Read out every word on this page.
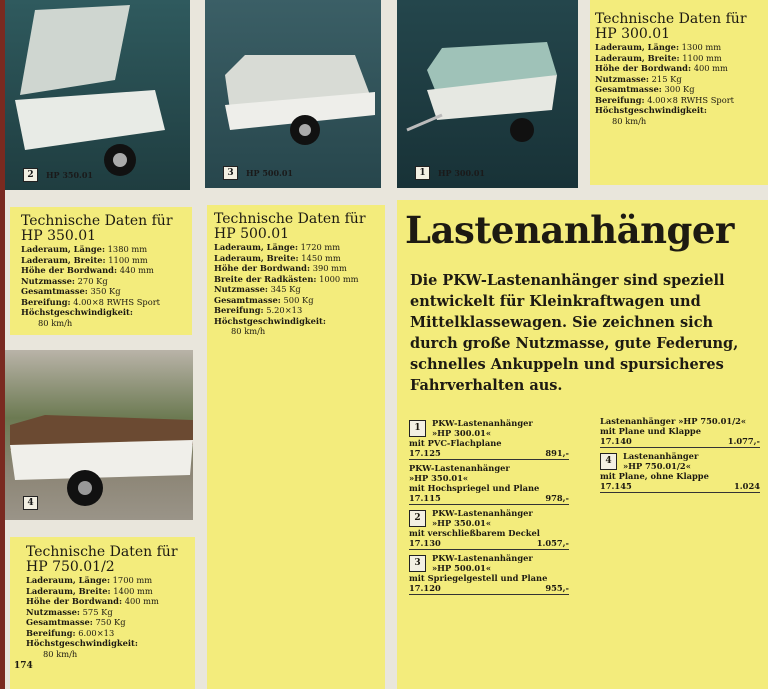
2	HP 350.01	3	HP 500.01	1	HP 300.01
4
Technische Daten für
HP 300.01
Laderaum, Länge: 1300 mm
Laderaum, Breite: 1100 mm
Höhe der Bordwand: 400 mm
Nutzmasse: 215 Kg
Gesamtmasse: 300 Kg
Bereifung: 4.00×8 RWHS Sport
Höchstgeschwindigkeit:
80 km/h
Technische Daten für
HP 350.01
Laderaum, Länge: 1380 mm
Laderaum, Breite: 1100 mm
Höhe der Bordwand: 440 mm
Nutzmasse: 270 Kg
Gesamtmasse: 350 Kg
Bereifung: 4.00×8 RWHS Sport
Höchstgeschwindigkeit:
80 km/h
Technische Daten für
HP 500.01
Laderaum, Länge: 1720 mm
Laderaum, Breite: 1450 mm
Höhe der Bordwand: 390 mm
Breite der Radkästen: 1000 mm
Nutzmasse: 345 Kg
Gesamtmasse: 500 Kg
Bereifung: 5.20×13
Höchstgeschwindigkeit:
80 km/h
Technische Daten für
HP 750.01/2
Laderaum, Länge: 1700 mm
Laderaum, Breite: 1400 mm
Höhe der Bordwand: 400 mm
Nutzmasse: 575 Kg
Gesamtmasse: 750 Kg
Bereifung: 6.00×13
Höchstgeschwindigkeit:
80 km/h
Lastenanhänger

Die PKW-Lastenanhänger sind speziell entwickelt für Kleinkraftwagen und Mittelklassewagen. Sie zeichnen sich durch große Nutzmasse, gute Federung, schnelles Ankuppeln und spursicheres Fahrverhalten aus.

1	PKW-Lastenanhänger
»HP 300.01«
mit PVC-Flachplane
17.125	891,-
PKW-Lastenanhänger
»HP 350.01«
mit Hochspriegel und Plane
17.115	978,-
2	PKW-Lastenanhänger
»HP 350.01«
mit verschließbarem Deckel
17.130	1.057,-
3	PKW-Lastenanhänger
»HP 500.01«
mit Spriegelgestell und Plane
17.120	955,-
Lastenanhänger »HP 750.01/2«
mit Plane und Klappe
17.140	1.077,-
4	Lastenanhänger
»HP 750.01/2«
mit Plane, ohne Klappe
17.145	1.024
174
